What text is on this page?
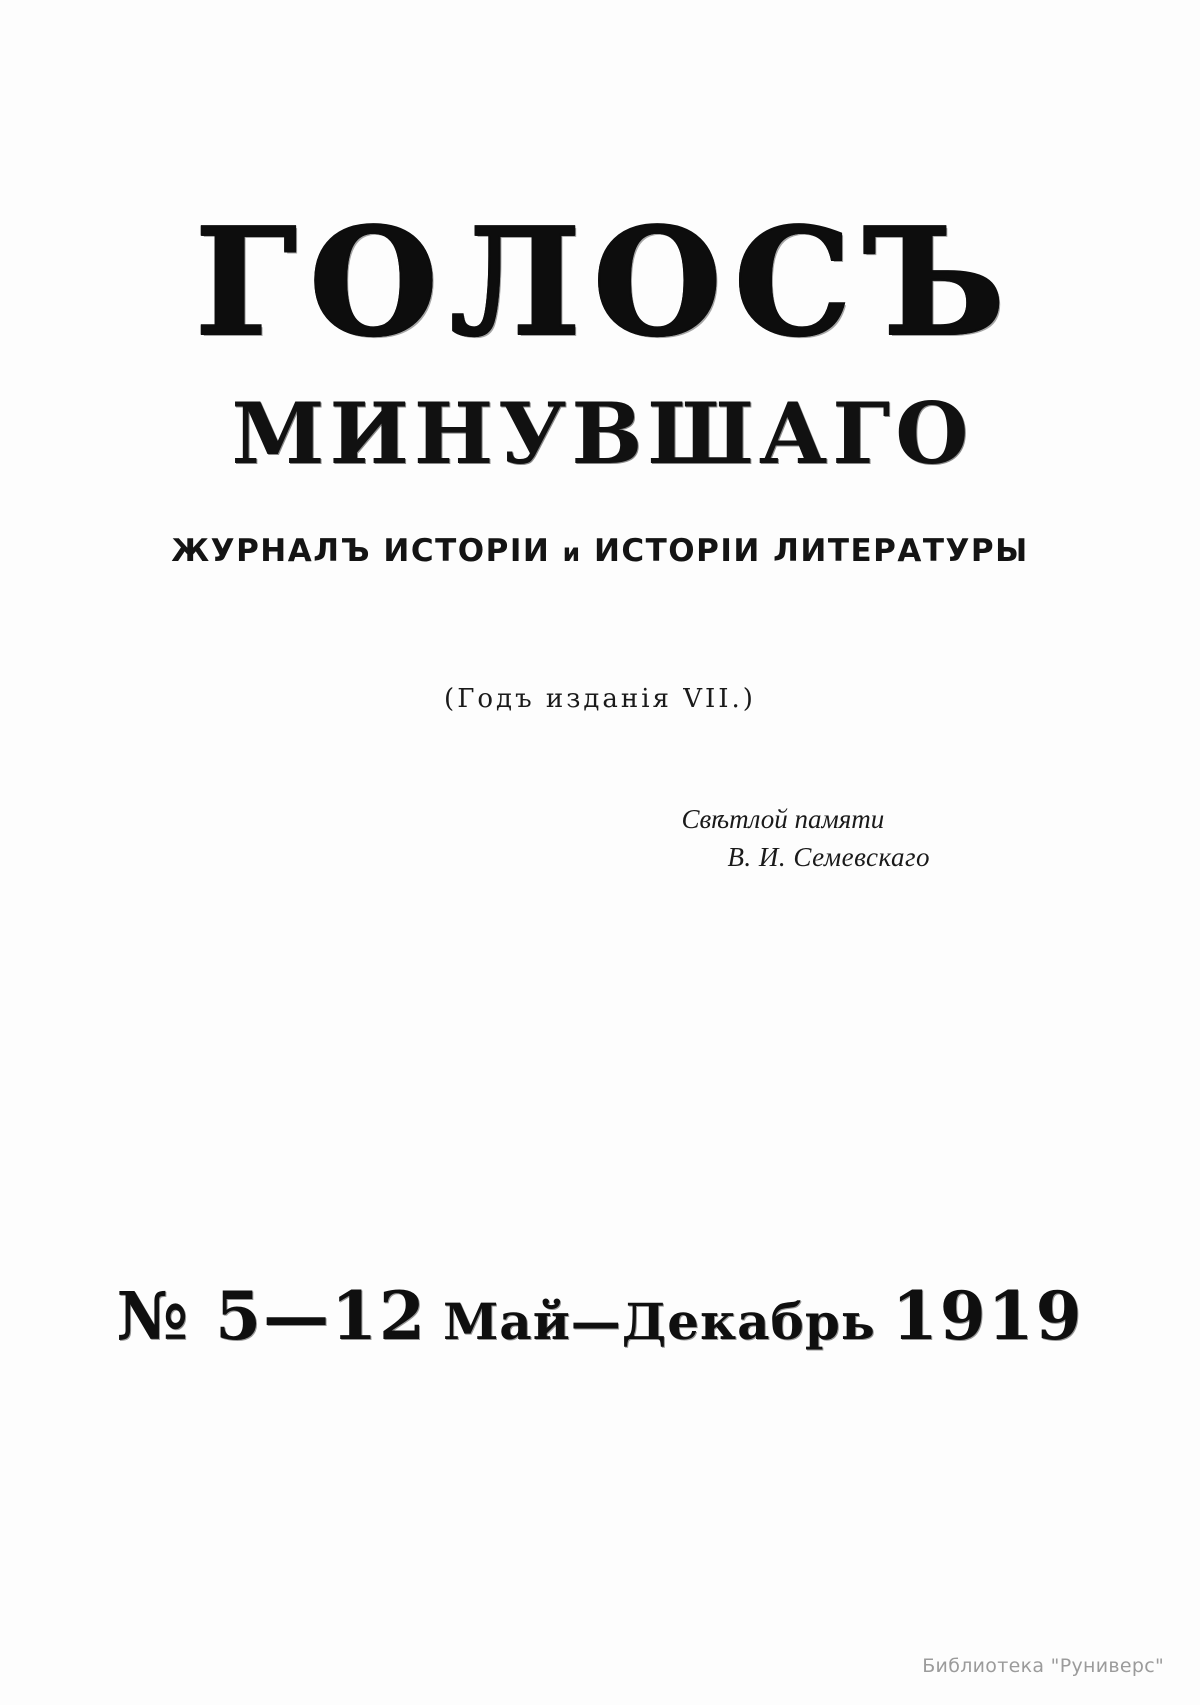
ГОЛОСЪ
МИНУВШАГО
ЖУРНАЛЪ ИСТОРІИ и ИСТОРІИ ЛИТЕРАТУРЫ
(Годъ изданія VII.)
Свѣтлой памяти
В. И. Семевскаго
№ 5—12 Май—Декабрь 1919
Библиотека "Руниверс"
